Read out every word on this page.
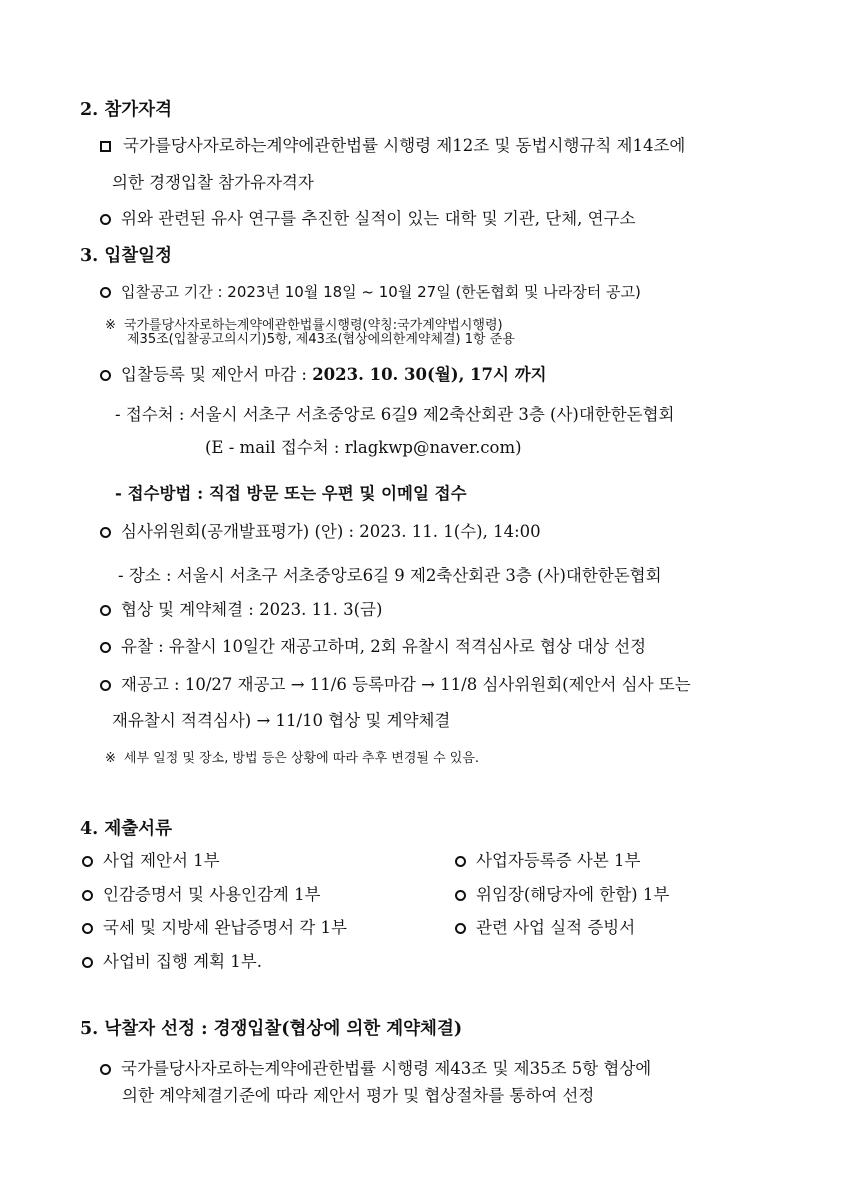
2. 참가자격
국가를당사자로하는계약에관한법률 시행령 제12조 및 동법시행규칙 제14조에
의한 경쟁입찰 참가유자격자
위와 관련된 유사 연구를 추진한 실적이 있는 대학 및 기관, 단체, 연구소
3. 입찰일정
입찰공고 기간 : 2023년 10월 18일 ~ 10월 27일 (한돈협회 및 나라장터 공고)
※ 국가를당사자로하는계약에관한법률시행령(약칭:국가계약법시행령)
제35조(입찰공고의시기)5항, 제43조(협상에의한계약체결) 1항 준용
입찰등록 및 제안서 마감 : 2023. 10. 30(월), 17시 까지
- 접수처 : 서울시 서초구 서초중앙로 6길9 제2축산회관 3층 (사)대한한돈협회
(E - mail 접수처 : rlagkwp@naver.com)
- 접수방법 : 직접 방문 또는 우편 및 이메일 접수
심사위원회(공개발표평가) (안) : 2023. 11. 1(수), 14:00
- 장소 : 서울시 서초구 서초중앙로6길 9 제2축산회관 3층 (사)대한한돈협회
협상 및 계약체결 : 2023. 11. 3(금)
유찰 : 유찰시 10일간 재공고하며, 2회 유찰시 적격심사로 협상 대상 선정
재공고 : 10/27 재공고 → 11/6 등록마감 → 11/8 심사위원회(제안서 심사 또는
재유찰시 적격심사) → 11/10 협상 및 계약체결
※ 세부 일정 및 장소, 방법 등은 상황에 따라 추후 변경될 수 있음.
4. 제출서류
사업 제안서 1부	사업자등록증 사본 1부
인감증명서 및 사용인감계 1부	위임장(해당자에 한함) 1부
국세 및 지방세 완납증명서 각 1부	관련 사업 실적 증빙서
사업비 집행 계획 1부.
5. 낙찰자 선정 : 경쟁입찰(협상에 의한 계약체결)
국가를당사자로하는계약에관한법률 시행령 제43조 및 제35조 5항 협상에
의한 계약체결기준에 따라 제안서 평가 및 협상절차를 통하여 선정
